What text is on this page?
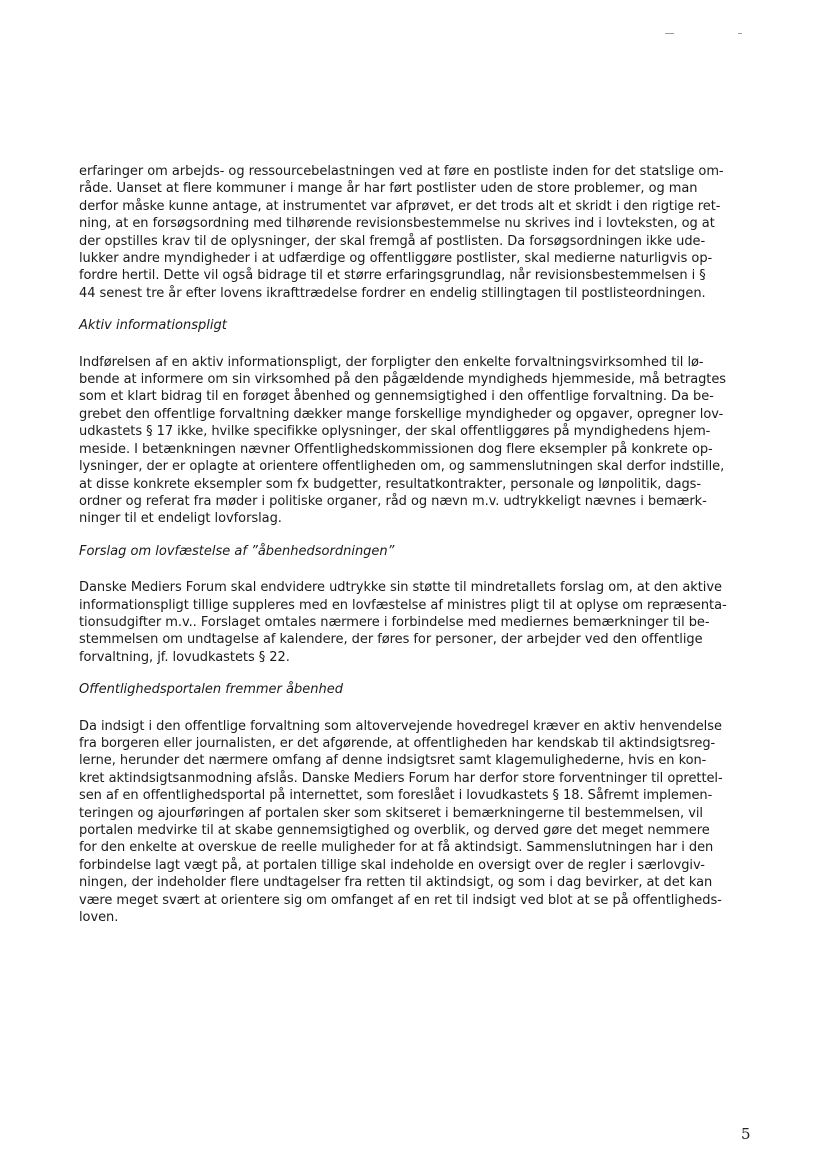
erfaringer om arbejds- og ressourcebelastningen ved at føre en postliste inden for det statslige om-
råde. Uanset at flere kommuner i mange år har ført postlister uden de store problemer, og man
derfor måske kunne antage, at instrumentet var afprøvet, er det trods alt et skridt i den rigtige ret-
ning, at en forsøgsordning med tilhørende revisionsbestemmelse nu skrives ind i lovteksten, og at
der opstilles krav til de oplysninger, der skal fremgå af postlisten. Da forsøgsordningen ikke ude-
lukker andre myndigheder i at udfærdige og offentliggøre postlister, skal medierne naturligvis op-
fordre hertil. Dette vil også bidrage til et større erfaringsgrundlag, når revisionsbestemmelsen i §
44 senest tre år efter lovens ikrafttrædelse fordrer en endelig stillingtagen til postlisteordningen.

Aktiv informationspligt

Indførelsen af en aktiv informationspligt, der forpligter den enkelte forvaltningsvirksomhed til lø-
bende at informere om sin virksomhed på den pågældende myndigheds hjemmeside, må betragtes
som et klart bidrag til en forøget åbenhed og gennemsigtighed i den offentlige forvaltning. Da be-
grebet den offentlige forvaltning dækker mange forskellige myndigheder og opgaver, opregner lov-
udkastets § 17 ikke, hvilke specifikke oplysninger, der skal offentliggøres på myndighedens hjem-
meside. I betænkningen nævner Offentlighedskommissionen dog flere eksempler på konkrete op-
lysninger, der er oplagte at orientere offentligheden om, og sammenslutningen skal derfor indstille,
at disse konkrete eksempler som fx budgetter, resultatkontrakter, personale og lønpolitik, dags-
ordner og referat fra møder i politiske organer, råd og nævn m.v. udtrykkeligt nævnes i bemærk-
ninger til et endeligt lovforslag.

Forslag om lovfæstelse af ”åbenhedsordningen”

Danske Mediers Forum skal endvidere udtrykke sin støtte til mindretallets forslag om, at den aktive
informationspligt tillige suppleres med en lovfæstelse af ministres pligt til at oplyse om repræsenta-
tionsudgifter m.v.. Forslaget omtales nærmere i forbindelse med mediernes bemærkninger til be-
stemmelsen om undtagelse af kalendere, der føres for personer, der arbejder ved den offentlige
forvaltning, jf. lovudkastets § 22.

Offentlighedsportalen fremmer åbenhed

Da indsigt i den offentlige forvaltning som altovervejende hovedregel kræver en aktiv henvendelse
fra borgeren eller journalisten, er det afgørende, at offentligheden har kendskab til aktindsigtsreg-
lerne, herunder det nærmere omfang af denne indsigtsret samt klagemulighederne, hvis en kon-
kret aktindsigtsanmodning afslås. Danske Mediers Forum har derfor store forventninger til oprettel-
sen af en offentlighedsportal på internettet, som foreslået i lovudkastets § 18. Såfremt implemen-
teringen og ajourføringen af portalen sker som skitseret i bemærkningerne til bestemmelsen, vil
portalen medvirke til at skabe gennemsigtighed og overblik, og derved gøre det meget nemmere
for den enkelte at overskue de reelle muligheder for at få aktindsigt. Sammenslutningen har i den
forbindelse lagt vægt på, at portalen tillige skal indeholde en oversigt over de regler i særlovgiv-
ningen, der indeholder flere undtagelser fra retten til aktindsigt, og som i dag bevirker, at det kan
være meget svært at orientere sig om omfanget af en ret til indsigt ved blot at se på offentligheds-
loven.

5
